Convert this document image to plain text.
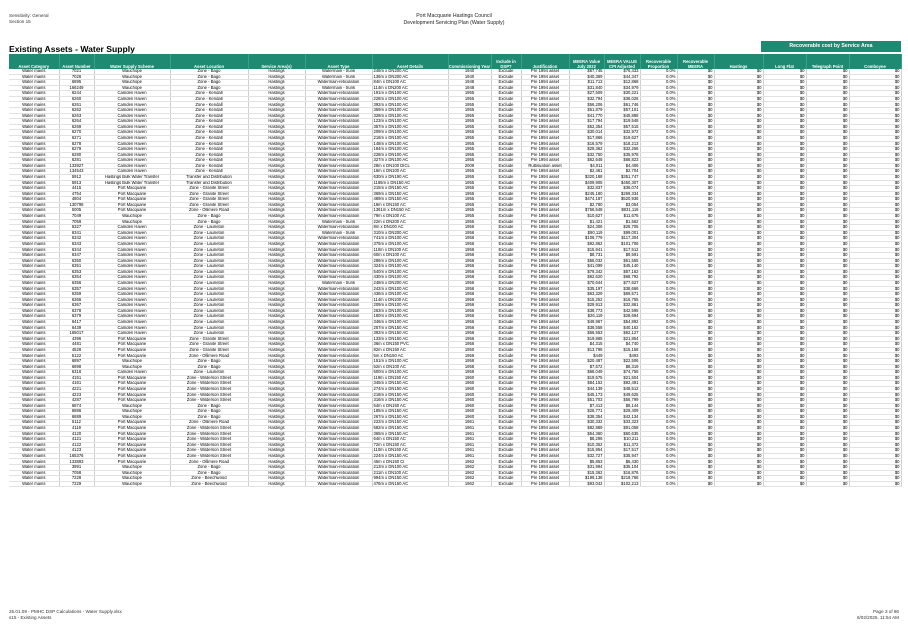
Sensitivity: General
Section 15
Port Macquarie Hastings Council
Development Servicing Plan (Water Supply)
Existing Assets - Water Supply	Recoverable cost by Service Area
Asset Category	Asset Number	Water Supply Scheme	Asset Location	Service Area(s)	Asset Type	Asset Details	Commissioning Year	Include in DSP?	Justification	MEERA Value July 2022	MEERA VALUE CPI Adjusted	Recoverable Proportion	Recoverable MEERA	Hastings	Long Flat	Telegraph Point	Comboyne
Water mains	7021	Wauchope	Zone - Bago	Hastings	Watermain - trunk	248m x DN200 AC	1940	Exclude	Pre 1994 asset	$67,745	$76,433	0.0%	$0	$0	$0	$0	$0
Water mains	7026	Wauchope	Zone - Bago	Hastings	Watermain - trunk	136m x DN200 AC	1940	Exclude	Pre 1994 asset	$40,369	$44,347	0.0%	$0	$0	$0	$0	$0
Water mains	6895	Wauchope	Zone - Bago	Hastings	Watermain-reticulation	84m x DN100 AC	1948	Exclude	Pre 1994 asset	$11,713	$12,868	0.0%	$0	$0	$0	$0	$0
Water mains	166249	Wauchope	Zone - Bago	Hastings	Watermain - trunk	114m x DN200 AC	1948	Exclude	Pre 1994 asset	$31,840	$34,979	0.0%	$0	$0	$0	$0	$0
Water mains	6244	Camden Haven	Zone - Kendall	Hastings	Watermain-reticulation	191m x DN100 AC	1955	Exclude	Pre 1994 asset	$27,509	$30,221	0.0%	$0	$0	$0	$0	$0
Water mains	6260	Camden Haven	Zone - Kendall	Hastings	Watermain-reticulation	228m x DN100 AC	1955	Exclude	Pre 1994 asset	$32,794	$36,026	0.0%	$0	$0	$0	$0	$0
Water mains	6261	Camden Haven	Zone - Kendall	Hastings	Watermain-reticulation	392m x DN100 AC	1955	Exclude	Pre 1994 asset	$56,206	$61,746	0.0%	$0	$0	$0	$0	$0
Water mains	6262	Camden Haven	Zone - Kendall	Hastings	Watermain-reticulation	359m x DN100 AC	1955	Exclude	Pre 1994 asset	$51,879	$57,101	0.0%	$0	$0	$0	$0	$0
Water mains	6263	Camden Haven	Zone - Kendall	Hastings	Watermain-reticulation	328m x DN100 AC	1955	Exclude	Pre 1994 asset	$41,770	$45,888	0.0%	$0	$0	$0	$0	$0
Water mains	6264	Camden Haven	Zone - Kendall	Hastings	Watermain-reticulation	123m x DN100 AC	1955	Exclude	Pre 1994 asset	$17,794	$19,548	0.0%	$0	$0	$0	$0	$0
Water mains	6269	Camden Haven	Zone - Kendall	Hastings	Watermain-reticulation	357m x DN100 AC	1955	Exclude	Pre 1994 asset	$52,354	$57,515	0.0%	$0	$0	$0	$0	$0
Water mains	6270	Camden Haven	Zone - Kendall	Hastings	Watermain-reticulation	209m x DN100 AC	1955	Exclude	Pre 1994 asset	$30,014	$32,972	0.0%	$0	$0	$0	$0	$0
Water mains	6271	Camden Haven	Zone - Kendall	Hastings	Watermain-reticulation	218m x DN100 AC	1955	Exclude	Pre 1994 asset	$17,866	$19,627	0.0%	$0	$0	$0	$0	$0
Water mains	6278	Camden Haven	Zone - Kendall	Hastings	Watermain-reticulation	148m x DN100 AC	1955	Exclude	Pre 1994 asset	$16,579	$18,213	0.0%	$0	$0	$0	$0	$0
Water mains	6279	Camden Haven	Zone - Kendall	Hastings	Watermain-reticulation	184m x DN100 AC	1955	Exclude	Pre 1994 asset	$29,362	$32,256	0.0%	$0	$0	$0	$0	$0
Water mains	6280	Camden Haven	Zone - Kendall	Hastings	Watermain-reticulation	228m x DN100 AC	1955	Exclude	Pre 1994 asset	$32,750	$35,978	0.0%	$0	$0	$0	$0	$0
Water mains	6281	Camden Haven	Zone - Kendall	Hastings	Watermain-reticulation	327m x DN100 AC	1955	Exclude	Pre 1994 asset	$62,648	$68,823	0.0%	$0	$0	$0	$0	$0
Water mains	133927	Camden Haven	Zone - Kendall	Hastings	Watermain-reticulation	28m x DN100 DICL	2009	Exclude	Rulbsuation asset	$4,011	$4,406	0.0%	$0	$0	$0	$0	$0
Water mains	134543	Camden Haven	Zone - Kendall	Hastings	Watermain-reticulation	16m x DN100 AC	1955	Exclude	Pre 1994 asset	$2,461	$2,704	0.0%	$0	$0	$0	$0	$0
Water mains	5912	Hastings Bulk Water Transfer	Transfer and Distribution	Hastings	Watermain-reticulation	630m x DN190 AC	1955	Exclude	Pre 1994 asset	$320,188	$351,747	0.0%	$0	$0	$0	$0	$0
Water mains	5913	Hastings Bulk Water Transfer	Transfer and Distribution	Hastings	Watermain-reticulation	1165m x DN150 AC	1955	Exclude	Pre 1994 asset	$409,905	$450,307	0.0%	$0	$0	$0	$0	$0
Water mains	4415	Port Macquarie	Zone - Granite Street	Hastings	Watermain-reticulation	215m x DN150 AC	1955	Exclude	Pre 1994 asset	$32,837	$36,074	0.0%	$0	$0	$0	$0	$0
Water mains	4754	Port Macquarie	Zone - Granite Street	Hastings	Watermain-reticulation	369m x DN150 AC	1955	Exclude	Pre 1994 asset	$245,180	$269,334	0.0%	$0	$0	$0	$0	$0
Water mains	4804	Port Macquarie	Zone - Granite Street	Hastings	Watermain-reticulation	489m x DN150 AC	1955	Exclude	Pre 1994 asset	$474,187	$520,936	0.0%	$0	$0	$0	$0	$0
Water mains	130798	Port Macquarie	Zone - Granite Street	Hastings	Watermain-reticulation	19m x DN150 AC	1955	Exclude	Pre 1994 asset	$2,780	$3,054	0.0%	$0	$0	$0	$0	$0
Water mains	5005	Port Macquarie	Zone - Ollimere Road	Hastings	Watermain-reticulation	1361m x DN150 AC	1955	Exclude	Pre 1994 asset	$756,548	$831,116	0.0%	$0	$0	$0	$0	$0
Water mains	7049	Wauchope	Zone - Bago	Hastings	Watermain-reticulation	79m x DN100 AC	1955	Exclude	Pre 1994 asset	$10,627	$11,675	0.0%	$0	$0	$0	$0	$0
Water mains	7059	Wauchope	Zone - Bago	Hastings	Watermain - trunk	22m x DN200 AC	1955	Exclude	Pre 1994 asset	$1,421	$1,562	0.0%	$0	$0	$0	$0	$0
Water mains	6327	Camden Haven	Zone - Laurieton	Hastings	Watermain-reticulation	8m x DN100 AC	1956	Exclude	Pre 1994 asset	$24,306	$26,705	0.0%	$0	$0	$0	$0	$0
Water mains	6341	Camden Haven	Zone - Laurieton	Hastings	Watermain - trunk	310m x DN200 AC	1956	Exclude	Pre 1994 asset	$90,119	$99,001	0.0%	$0	$0	$0	$0	$0
Water mains	6342	Camden Haven	Zone - Laurieton	Hastings	Watermain-reticulation	741m x DN100 AC	1956	Exclude	Pre 1994 asset	$106,779	$117,304	0.0%	$0	$0	$0	$0	$0
Water mains	6343	Camden Haven	Zone - Laurieton	Hastings	Watermain-reticulation	375m x DN100 AC	1956	Exclude	Pre 1994 asset	$92,862	$101,706	0.0%	$0	$0	$0	$0	$0
Water mains	6344	Camden Haven	Zone - Laurieton	Hastings	Watermain-reticulation	110m x DN100 AC	1956	Exclude	Pre 1994 asset	$15,941	$17,512	0.0%	$0	$0	$0	$0	$0
Water mains	6347	Camden Haven	Zone - Laurieton	Hastings	Watermain-reticulation	60m x DN100 AC	1956	Exclude	Pre 1994 asset	$8,731	$9,591	0.0%	$0	$0	$0	$0	$0
Water mains	6350	Camden Haven	Zone - Laurieton	Hastings	Watermain-reticulation	286m x DN100 AC	1956	Exclude	Pre 1994 asset	$56,032	$61,555	0.0%	$0	$0	$0	$0	$0
Water mains	6351	Camden Haven	Zone - Laurieton	Hastings	Watermain-reticulation	324m x DN100 AC	1956	Exclude	Pre 1994 asset	$41,099	$45,140	0.0%	$0	$0	$0	$0	$0
Water mains	6353	Camden Haven	Zone - Laurieton	Hastings	Watermain-reticulation	540m x DN100 AC	1956	Exclude	Pre 1994 asset	$79,342	$87,162	0.0%	$0	$0	$0	$0	$0
Water mains	6354	Camden Haven	Zone - Laurieton	Hastings	Watermain-reticulation	430m x DN100 AC	1956	Exclude	Pre 1994 asset	$62,620	$68,792	0.0%	$0	$0	$0	$0	$0
Water mains	6356	Camden Haven	Zone - Laurieton	Hastings	Watermain - trunk	248m x DN200 AC	1956	Exclude	Pre 1994 asset	$70,644	$77,627	0.0%	$0	$0	$0	$0	$0
Water mains	6357	Camden Haven	Zone - Laurieton	Hastings	Watermain-reticulation	242m x DN100 AC	1956	Exclude	Pre 1994 asset	$35,197	$38,666	0.0%	$0	$0	$0	$0	$0
Water mains	6359	Camden Haven	Zone - Laurieton	Hastings	Watermain-reticulation	436m x DN100 AC	1956	Exclude	Pre 1994 asset	$63,329	$69,571	0.0%	$0	$0	$0	$0	$0
Water mains	6366	Camden Haven	Zone - Laurieton	Hastings	Watermain-reticulation	114m x DN100 AC	1956	Exclude	Pre 1994 asset	$15,252	$16,755	0.0%	$0	$0	$0	$0	$0
Water mains	6367	Camden Haven	Zone - Laurieton	Hastings	Watermain-reticulation	209m x DN100 AC	1956	Exclude	Pre 1994 asset	$29,913	$32,861	0.0%	$0	$0	$0	$0	$0
Water mains	6378	Camden Haven	Zone - Laurieton	Hastings	Watermain-reticulation	263m x DN100 AC	1956	Exclude	Pre 1994 asset	$38,773	$42,595	0.0%	$0	$0	$0	$0	$0
Water mains	6379	Camden Haven	Zone - Laurieton	Hastings	Watermain-reticulation	180m x DN100 AC	1956	Exclude	Pre 1994 asset	$26,119	$28,694	0.0%	$0	$0	$0	$0	$0
Water mains	6417	Camden Haven	Zone - Laurieton	Hastings	Watermain-reticulation	346m x DN100 AC	1956	Exclude	Pre 1994 asset	$49,967	$54,892	0.0%	$0	$0	$0	$0	$0
Water mains	6439	Camden Haven	Zone - Laurieton	Hastings	Watermain-reticulation	257m x DN150 AC	1956	Exclude	Pre 1994 asset	$36,558	$40,162	0.0%	$0	$0	$0	$0	$0
Water mains	165017	Camden Haven	Zone - Laurieton	Hastings	Watermain-reticulation	392m x DN150 AC	1956	Exclude	Pre 1994 asset	$56,553	$62,127	0.0%	$0	$0	$0	$0	$0
Water mains	4396	Port Macquarie	Zone - Granite Street	Hastings	Watermain-reticulation	133m x DN150 AC	1956	Exclude	Pre 1994 asset	$19,865	$21,854	0.0%	$0	$0	$0	$0	$0
Water mains	4481	Port Macquarie	Zone - Granite Street	Hastings	Watermain-reticulation	36m x DN150 PVC	1956	Exclude	Pre 1994 asset	$4,315	$4,740	0.0%	$0	$0	$0	$0	$0
Water mains	4528	Port Macquarie	Zone - Granite Street	Hastings	Watermain-reticulation	82m x DN150 AC	1950	Exclude	Pre 1994 asset	$13,798	$15,158	0.0%	$0	$0	$0	$0	$0
Water mains	5122	Port Macquarie	Zone - Ollimere Road	Hastings	Watermain-reticulation	5m x DN150 AC	1956	Exclude	Pre 1994 asset	$449	$493	0.0%	$0	$0	$0	$0	$0
Water mains	6897	Wauchope	Zone - Bago	Hastings	Watermain-reticulation	151m x DN100 AC	1958	Exclude	Pre 1994 asset	$20,487	$22,506	0.0%	$0	$0	$0	$0	$0
Water mains	6898	Wauchope	Zone - Bago	Hastings	Watermain-reticulation	52m x DN100 AC	1958	Exclude	Pre 1994 asset	$7,572	$8,319	0.0%	$0	$0	$0	$0	$0
Water mains	6318	Camden Haven	Zone - Laurieton	Hastings	Watermain-reticulation	500m x DN100 AC	1959	Exclude	Pre 1994 asset	$68,049	$74,756	0.0%	$0	$0	$0	$0	$0
Water mains	4151	Port Macquarie	Zone - Wilderson Street	Hastings	Watermain-reticulation	119m x DN150 AC	1960	Exclude	Pre 1994 asset	$19,575	$21,504	0.0%	$0	$0	$0	$0	$0
Water mains	4161	Port Macquarie	Zone - Wilderson Street	Hastings	Watermain-reticulation	345m x DN150 AC	1960	Exclude	Pre 1994 asset	$84,152	$92,491	0.0%	$0	$0	$0	$0	$0
Water mains	4221	Port Macquarie	Zone - Wilderson Street	Hastings	Watermain-reticulation	274m x DN150 AC	1960	Exclude	Pre 1994 asset	$44,139	$48,512	0.0%	$0	$0	$0	$0	$0
Water mains	4223	Port Macquarie	Zone - Wilderson Street	Hastings	Watermain-reticulation	218m x DN150 AC	1960	Exclude	Pre 1994 asset	$45,173	$49,625	0.0%	$0	$0	$0	$0	$0
Water mains	4287	Port Macquarie	Zone - Wilderson Street	Hastings	Watermain-reticulation	316m x DN150 AC	1960	Exclude	Pre 1994 asset	$51,703	$56,799	0.0%	$0	$0	$0	$0	$0
Water mains	6874	Wauchope	Zone - Bago	Hastings	Watermain-reticulation	54m x DN150 AC	1960	Exclude	Pre 1994 asset	$7,413	$8,144	0.0%	$0	$0	$0	$0	$0
Water mains	6886	Wauchope	Zone - Bago	Hastings	Watermain-reticulation	185m x DN150 AC	1960	Exclude	Pre 1994 asset	$26,771	$29,409	0.0%	$0	$0	$0	$0	$0
Water mains	6889	Wauchope	Zone - Bago	Hastings	Watermain-reticulation	267m x DN150 AC	1960	Exclude	Pre 1994 asset	$38,354	$42,134	0.0%	$0	$0	$0	$0	$0
Water mains	5112	Port Macquarie	Zone - Ollimere Road	Hastings	Watermain-reticulation	222m x DN150 AC	1961	Exclude	Pre 1994 asset	$30,332	$33,323	0.0%	$0	$0	$0	$0	$0
Water mains	4119	Port Macquarie	Zone - Wilderson Street	Hastings	Watermain-reticulation	582m x DN150 AC	1961	Exclude	Pre 1994 asset	$82,889	$91,058	0.0%	$0	$0	$0	$0	$0
Water mains	4120	Port Macquarie	Zone - Wilderson Street	Hastings	Watermain-reticulation	365m x DN150 AC	1961	Exclude	Pre 1994 asset	$54,360	$60,635	0.0%	$0	$0	$0	$0	$0
Water mains	4121	Port Macquarie	Zone - Wilderson Street	Hastings	Watermain-reticulation	64m x DN150 AC	1961	Exclude	Pre 1994 asset	$8,296	$10,211	0.0%	$0	$0	$0	$0	$0
Water mains	4122	Port Macquarie	Zone - Wilderson Street	Hastings	Watermain-reticulation	72m x DN150 AC	1961	Exclude	Pre 1994 asset	$10,352	$11,372	0.0%	$0	$0	$0	$0	$0
Water mains	4123	Port Macquarie	Zone - Wilderson Street	Hastings	Watermain-reticulation	110m x DN150 AC	1961	Exclude	Pre 1994 asset	$15,954	$17,517	0.0%	$0	$0	$0	$0	$0
Water mains	165376	Port Macquarie	Zone - Wilderson Street	Hastings	Watermain-reticulation	224m x DN150 AC	1961	Exclude	Pre 1994 asset	$32,727	$35,947	0.0%	$0	$0	$0	$0	$0
Water mains	133893	Port Macquarie	Zone - Ollimere Road	Hastings	Watermain-reticulation	45m x DN150 CI	1962	Exclude	Pre 1994 asset	$5,853	$6,430	0.0%	$0	$0	$0	$0	$0
Water mains	3991	Wauchope	Zone - Bago	Hastings	Watermain-reticulation	213m x DN100 AC	1962	Exclude	Pre 1994 asset	$31,994	$35,104	0.0%	$0	$0	$0	$0	$0
Water mains	7058	Wauchope	Zone - Bago	Hastings	Watermain-reticulation	211m x DN100 AC	1962	Exclude	Pre 1994 asset	$15,362	$16,876	0.0%	$0	$0	$0	$0	$0
Water mains	7228	Wauchope	Zone - Beechwood	Hastings	Watermain-reticulation	994m x DN150 AC	1962	Exclude	Pre 1994 asset	$199,138	$218,768	0.0%	$0	$0	$0	$0	$0
Water mains	7229	Wauchope	Zone - Beechwood	Hastings	Watermain-reticulation	476m x DN150 AC	1962	Exclude	Pre 1994 asset	$93,042	$102,213	0.0%	$0	$0	$0	$0	$0
25.01.09 - PMHC DSP Calculations - Water Supply.xlsx
s15 - Existing Assets
Page 3 of 86
6/02/2025, 11:54 AM
